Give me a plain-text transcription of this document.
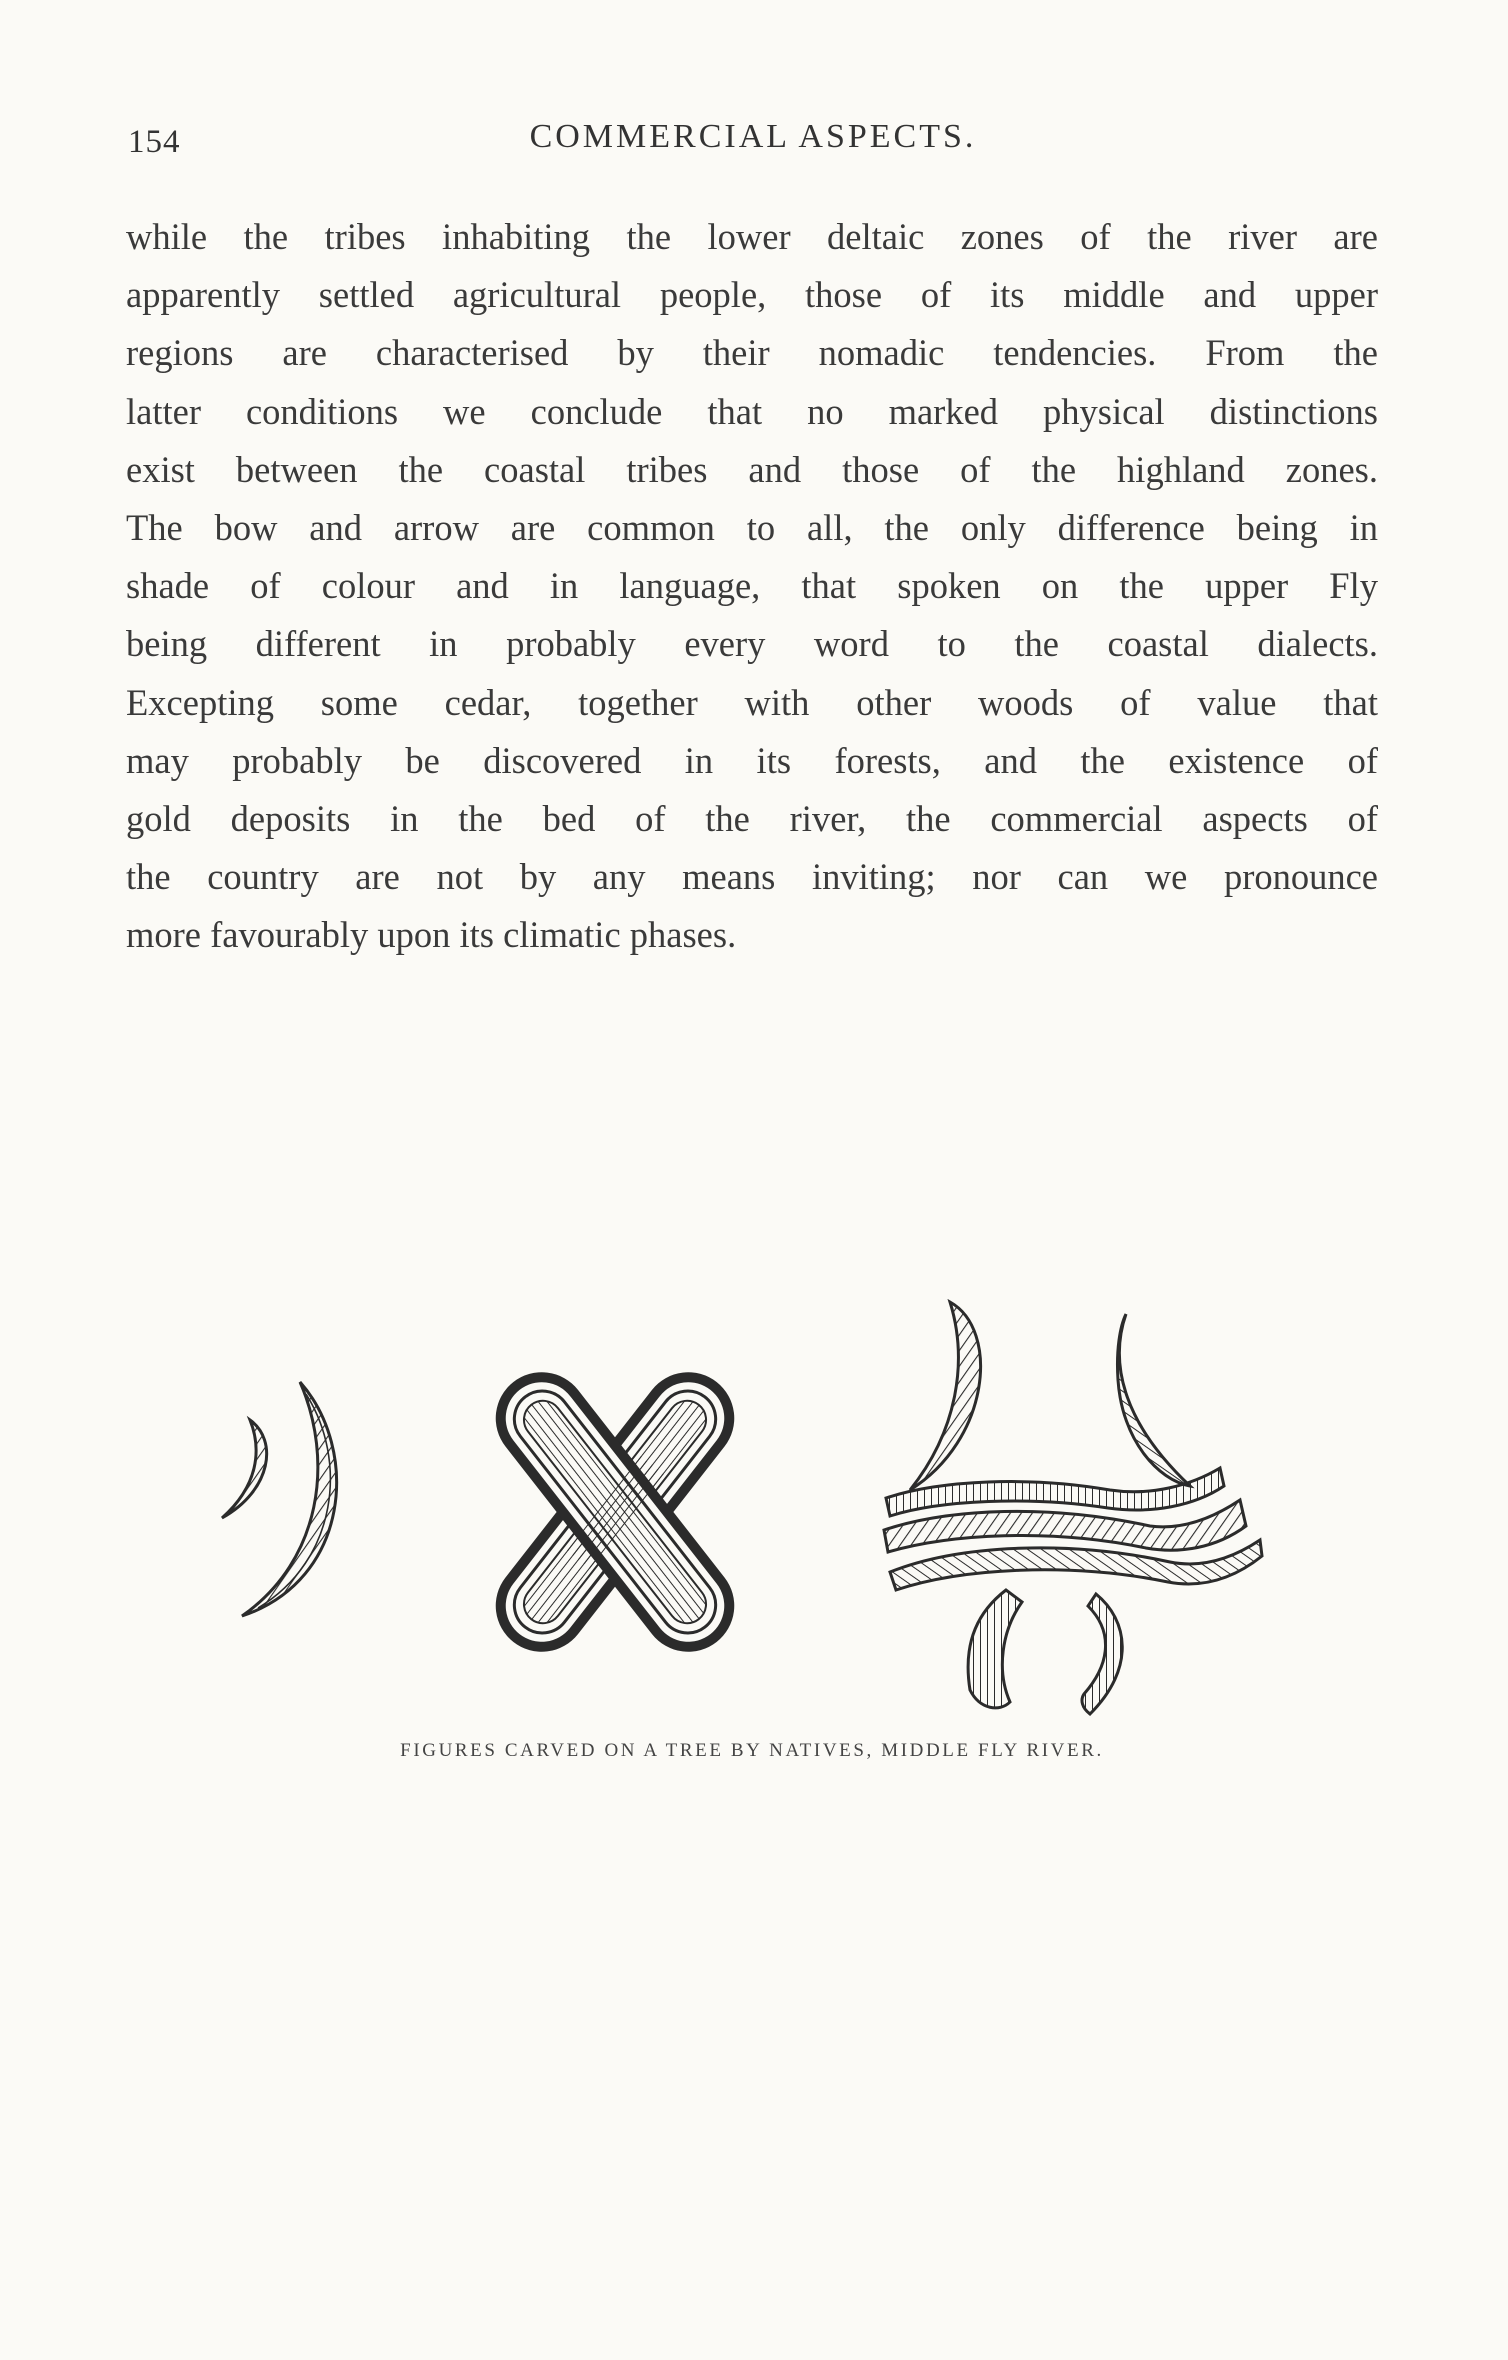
154	COMMERCIAL ASPECTS.
while the tribes inhabiting the lower deltaic zones of the river are
apparently settled agricultural people, those of its middle and upper
regions are characterised by their nomadic tendencies. From the
latter conditions we conclude that no marked physical distinctions
exist between the coastal tribes and those of the highland zones.
The bow and arrow are common to all, the only difference being in
shade of colour and in language, that spoken on the upper Fly
being different in probably every word to the coastal dialects.
Excepting some cedar, together with other woods of value that
may probably be discovered in its forests, and the existence of
gold deposits in the bed of the river, the commercial aspects of
the country are not by any means inviting; nor can we pronounce
more favourably upon its climatic phases.
FIGURES CARVED ON A TREE BY NATIVES, MIDDLE FLY RIVER.
